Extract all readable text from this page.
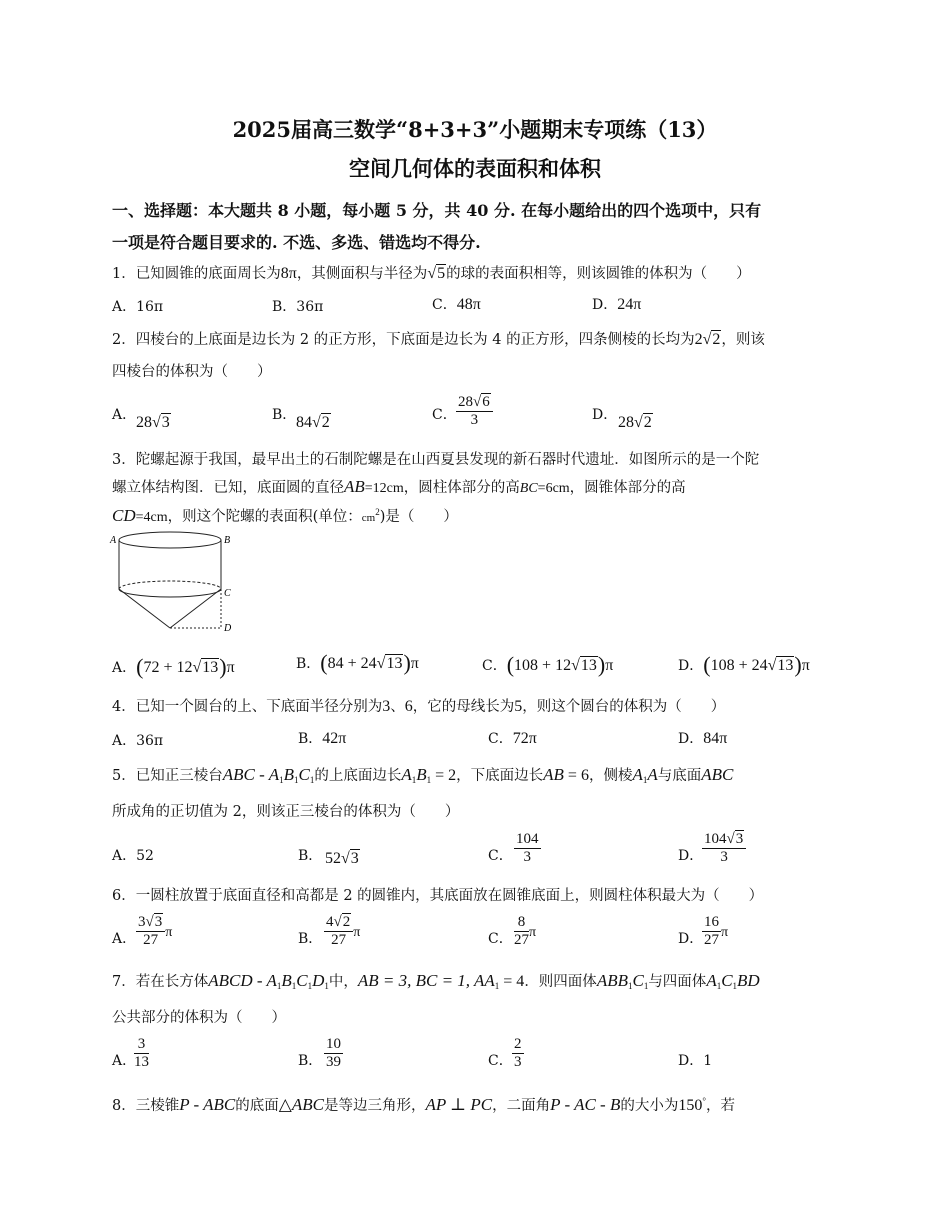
2025届高三数学“8+3+3”小题期末专项练（13）
空间几何体的表面积和体积
一、选择题：本大题共 8 小题，每小题 5 分，共 40 分. 在每小题给出的四个选项中，只有
一项是符合题目要求的. 不选、多选、错选均不得分.
1．已知圆锥的底面周长为8π，其侧面积与半径为√5的球的表面积相等，则该圆锥的体积为（　　）
A．16π	B．36π	C．48π	D．24π
2．四棱台的上底面是边长为 2 的正方形，下底面是边长为 4 的正方形，四条侧棱的长均为2√2，则该
四棱台的体积为（　　）
A． 28√3	B． 84√2	C． $\frac{28√6}{3}$	D． 28√2
3．陀螺起源于我国，最早出土的石制陀螺是在山西夏县发现的新石器时代遗址．如图所示的是一个陀
螺立体结构图．已知，底面圆的直径AB=12cm，圆柱体部分的高BC=6cm，圆锥体部分的高
CD=4cm，则这个陀螺的表面积(单位：$cm^2$)是（　　）
A	B
C
D
A．(72 + 12√13)π	B．(84 + 24√13)π	C．(108 + 12√13)π	D．(108 + 24√13)π
4．已知一个圆台的上、下底面半径分别为3、6，它的母线长为5，则这个圆台的体积为（　　）
A．36π	B．42π	C．72π	D．84π
5．已知正三棱台ABC - $A_1B_1C_1$的上底面边长$A_1B_1 = 2$，下底面边长AB = 6，侧棱$A_1A$与底面ABC
所成角的正切值为 2，则该正三棱台的体积为（　　）
A．52	B． 52√3	C． $\frac{104}{3}$	D．
$\frac{104√3}{3}$
6．一圆柱放置于底面直径和高都是 2 的圆锥内，其底面放在圆锥底面上，则圆柱体积最大为（　　）
A． $\frac{3√3}{27}$ π	B． $\frac{4√2}{27}$ π	C． $\frac{8}{27}$ π	D．
$\frac{16}{27}$ π
7．若在长方体ABCD - $A_1B_1C_1D_1$中，AB = 3, BC = 1, $AA_1 = 4$．则四面体$ABB_1C_1$与四面体$A_1C_1BD$
公共部分的体积为（　　）
A．
$\frac{3}{13}$	B． $\frac{10}{39}$	C． $\frac{2}{3}$	D．1
8．三棱锥P - ABC的底面△ABC是等边三角形，AP ⊥ PC，二面角P - AC - B的大小为150°，若
